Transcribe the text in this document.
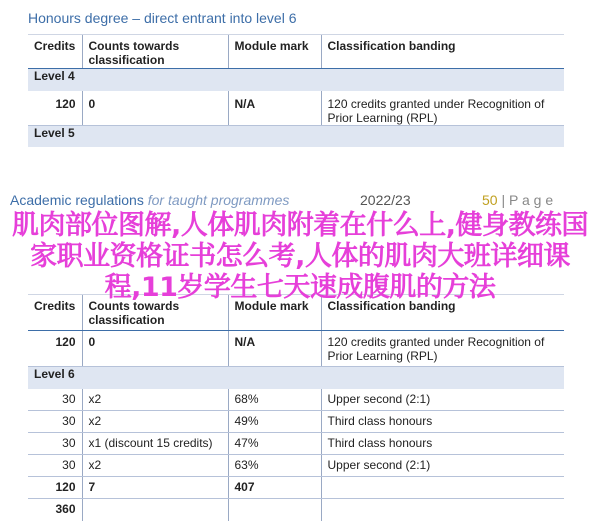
Honours degree – direct entrant into level 6
Credits	Counts towards classification	Module mark	Classification banding
Level 4			
120	0	N/A	120 credits granted under Recognition of Prior Learning (RPL)
Level 5			
Academic regulations for taught programmes	2022/23	50 | P a g e
Credits	Counts towards classification	Module mark	Classification banding
120	0	N/A	120 credits granted under Recognition of Prior Learning (RPL)
Level 6			
30	x2	68%	Upper second (2:1)
30	x2	49%	Third class honours
30	x1 (discount 15 credits)	47%	Third class honours
30	x2	63%	Upper second (2:1)
120	7	407	
360			
肌肉部位图解,人体肌肉附着在什么上,健身教练国家职业资格证书怎么考,人体的肌肉大班详细课程,11岁学生七天速成腹肌的方法
